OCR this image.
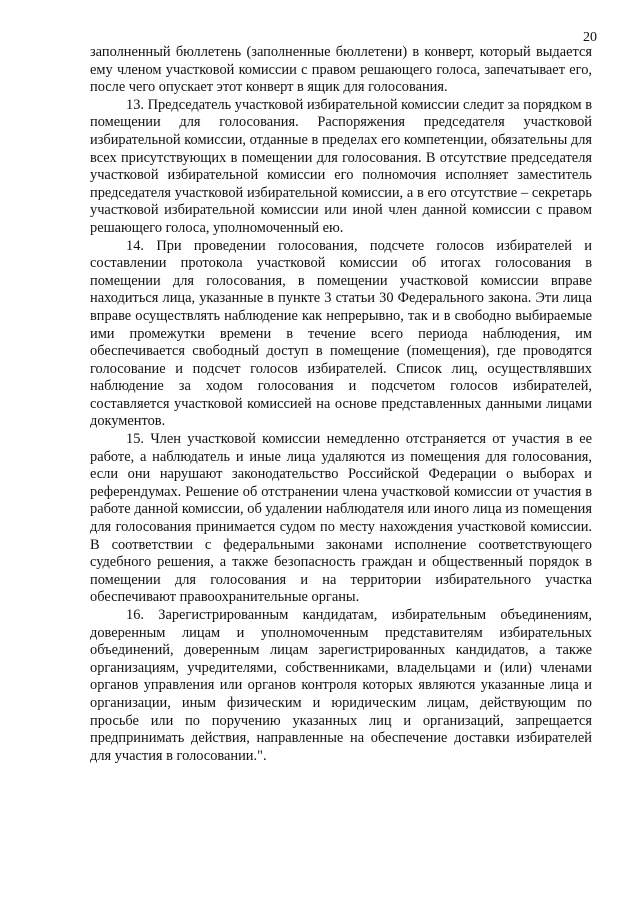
20

заполненный бюллетень (заполненные бюллетени) в конверт, который выдается ему членом участковой комиссии с правом решающего голоса, запечатывает его, после чего опускает этот конверт в ящик для голосования.

13. Председатель участковой избирательной комиссии следит за порядком в помещении для голосования. Распоряжения председателя участковой избирательной комиссии, отданные в пределах его компетенции, обязательны для всех присутствующих в помещении для голосования. В отсутствие председателя участковой избирательной комиссии его полномочия исполняет заместитель председателя участковой избирательной комиссии, а в его отсутствие – секретарь участковой избирательной комиссии или иной член данной комиссии с правом решающего голоса, уполномоченный ею.

14. При проведении голосования, подсчете голосов избирателей и составлении протокола участковой комиссии об итогах голосования в помещении для голосования, в помещении участковой комиссии вправе находиться лица, указанные в пункте 3 статьи 30 Федерального закона. Эти лица вправе осуществлять наблюдение как непрерывно, так и в свободно выбираемые ими промежутки времени в течение всего периода наблюдения, им обеспечивается свободный доступ в помещение (помещения), где проводятся голосование и подсчет голосов избирателей. Список лиц, осуществлявших наблюдение за ходом голосования и подсчетом голосов избирателей, составляется участковой комиссией на основе представленных данными лицами документов.

15. Член участковой комиссии немедленно отстраняется от участия в ее работе, а наблюдатель и иные лица удаляются из помещения для голосования, если они нарушают законодательство Российской Федерации о выборах и референдумах. Решение об отстранении члена участковой комиссии от участия в работе данной комиссии, об удалении наблюдателя или иного лица из помещения для голосования принимается судом по месту нахождения участковой комиссии. В соответствии с федеральными законами исполнение соответствующего судебного решения, а также безопасность граждан и общественный порядок в помещении для голосования и на территории избирательного участка обеспечивают правоохранительные органы.

16. Зарегистрированным кандидатам, избирательным объединениям, доверенным лицам и уполномоченным представителям избирательных объединений, доверенным лицам зарегистрированных кандидатов, а также организациям, учредителями, собственниками, владельцами и (или) членами органов управления или органов контроля которых являются указанные лица и организации, иным физическим и юридическим лицам, действующим по просьбе или по поручению указанных лиц и организаций, запрещается предпринимать действия, направленные на обеспечение доставки избирателей для участия в голосовании.".
